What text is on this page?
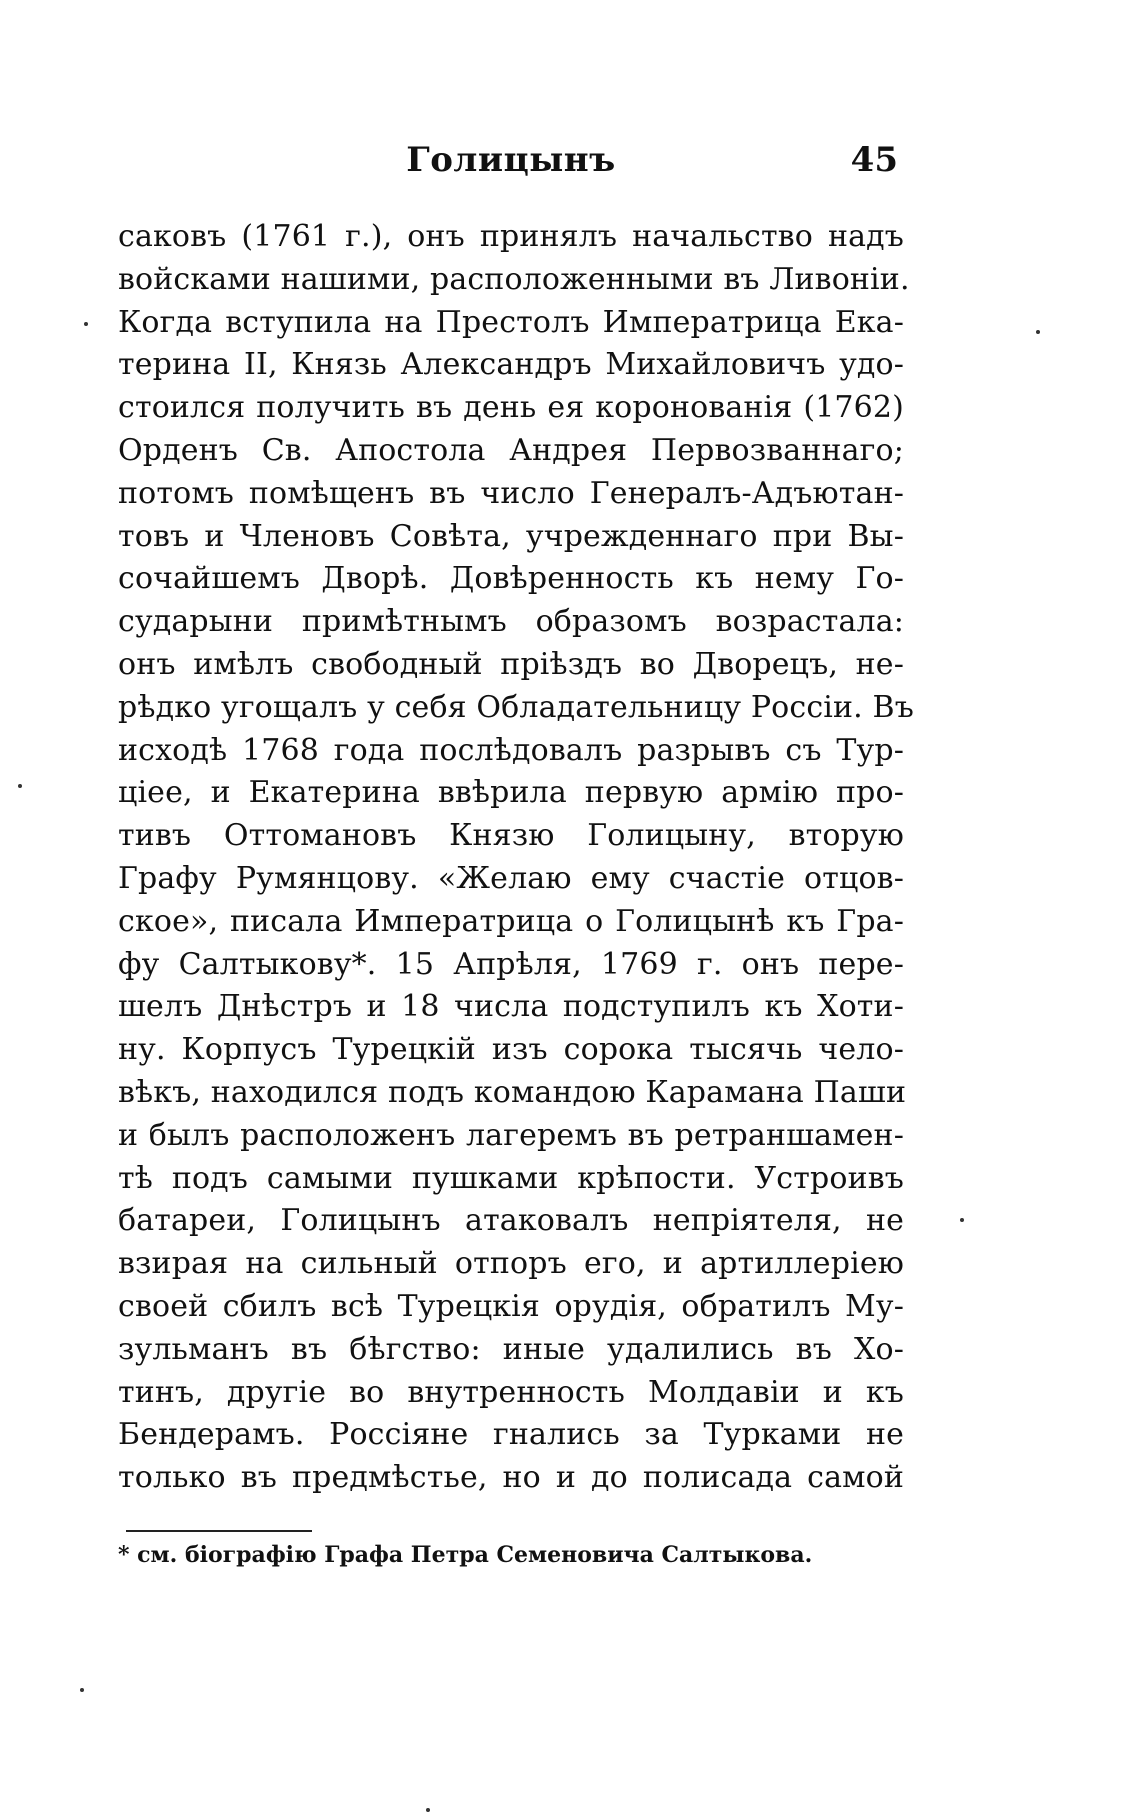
Голицынъ	45
саковъ (1761 г.), онъ принялъ начальство надъ
войсками нашими, расположенными въ Ливоніи.
Когда вступила на Престолъ Императрица Ека-
терина II, Князь Александръ Михайловичъ удо-
стоился получить въ день ея коронованія (1762)
Орденъ Св. Апостола Андрея Первозваннаго;
потомъ помѣщенъ въ число Генералъ-Адъютан-
товъ и Членовъ Совѣта, учрежденнаго при Вы-
сочайшемъ Дворѣ. Довѣренность къ нему Го-
сударыни примѣтнымъ образомъ возрастала:
онъ имѣлъ свободный пріѣздъ во Дворецъ, не-
рѣдко угощалъ у себя Обладательницу Россіи. Въ
исходѣ 1768 года послѣдовалъ разрывъ съ Тур-
ціее, и Екатерина ввѣрила первую армію про-
тивъ Оттомановъ Князю Голицыну, вторую
Графу Румянцову. «Желаю ему счастіе отцов-
ское», писала Императрица о Голицынѣ къ Гра-
фу Салтыкову*. 15 Апрѣля, 1769 г. онъ пере-
шелъ Днѣстръ и 18 числа подступилъ къ Хоти-
ну. Корпусъ Турецкій изъ сорока тысячь чело-
вѣкъ, находился подъ командою Карамана Паши
и былъ расположенъ лагеремъ въ ретраншамен-
тѣ подъ самыми пушками крѣпости. Устроивъ
батареи, Голицынъ атаковалъ непріятеля, не
взирая на сильный отпоръ его, и артиллеріею
своей сбилъ всѣ Турецкія орудія, обратилъ Му-
зульманъ въ бѣгство: иные удалились въ Хо-
тинъ, другіе во внутренность Молдавіи и къ
Бендерамъ. Россіяне гнались за Турками не
только въ предмѣстье, но и до полисада самой
* см. біографію Графа Петра Семеновича Салтыкова.
